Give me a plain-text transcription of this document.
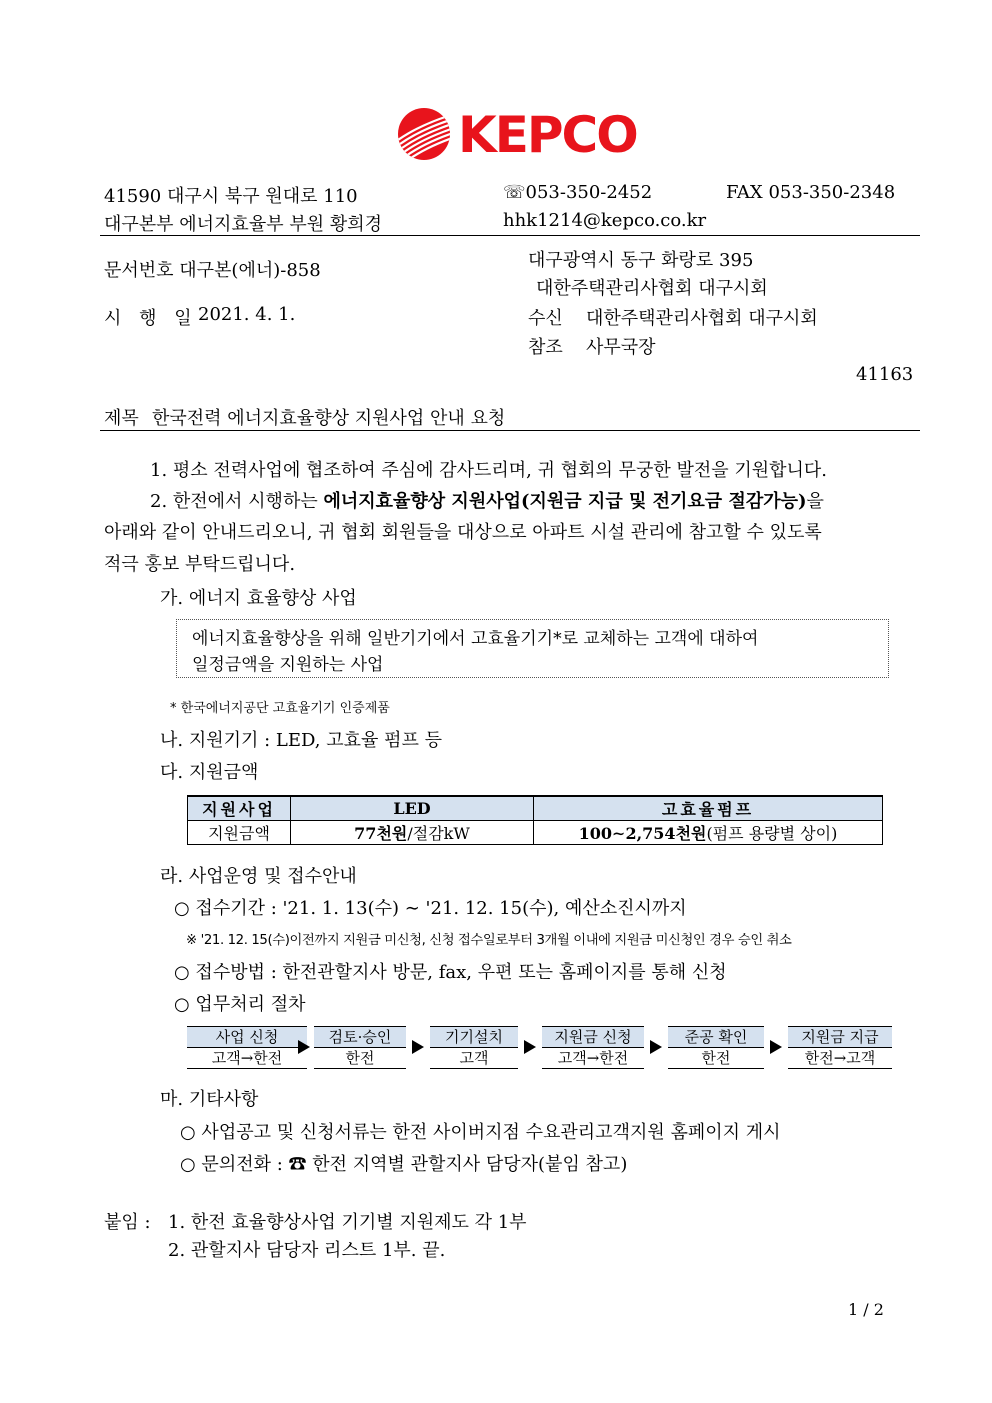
KEPCO
41590 대구시 북구 원대로 110	☏053-350-2452	FAX 053-350-2348
대구본부 에너지효율부 부원 황희경	hhk1214@kepco.co.kr
문서번호 대구본(에너)-858	대구광역시 동구 화랑로 395
대한주택관리사협회 대구시회
시 행 일 2021. 4. 1.	수신 대한주택관리사협회 대구시회
참조 사무국장
41163
제목 한국전력 에너지효율향상 지원사업 안내 요청
1. 평소 전력사업에 협조하여 주심에 감사드리며, 귀 협회의 무궁한 발전을 기원합니다.
2. 한전에서 시행하는 에너지효율향상 지원사업(지원금 지급 및 전기요금 절감가능)을
아래와 같이 안내드리오니, 귀 협회 회원들을 대상으로 아파트 시설 관리에 참고할 수 있도록
적극 홍보 부탁드립니다.
가. 에너지 효율향상 사업
에너지효율향상을 위해 일반기기에서 고효율기기*로 교체하는 고객에 대하여
일정금액을 지원하는 사업
* 한국에너지공단 고효율기기 인증제품
나. 지원기기 : LED, 고효율 펌프 등
다. 지원금액
지원사업	LED	고효율펌프
지원금액	77천원/절감kW	100∼2,754천원(펌프 용량별 상이)
라. 사업운영 및 접수안내
○ 접수기간 : '21. 1. 13(수) ∼ '21. 12. 15(수), 예산소진시까지
※ '21. 12. 15(수)이전까지 지원금 미신청, 신청 접수일로부터 3개월 이내에 지원금 미신청인 경우 승인 취소
○ 접수방법 : 한전관할지사 방문, fax, 우편 또는 홈페이지를 통해 신청
○ 업무처리 절차
사업 신청
고객→한전
검토·승인
한전
기기설치
고객
지원금 신청
고객→한전
준공 확인
한전
지원금 지급
한전→고객
마. 기타사항
○ 사업공고 및 신청서류는 한전 사이버지점 수요관리고객지원 홈페이지 게시
○ 문의전화 : ☎ 한전 지역별 관할지사 담당자(붙임 참고)
붙임 : 1. 한전 효율향상사업 기기별 지원제도 각 1부
2. 관할지사 담당자 리스트 1부. 끝.
1 / 2
